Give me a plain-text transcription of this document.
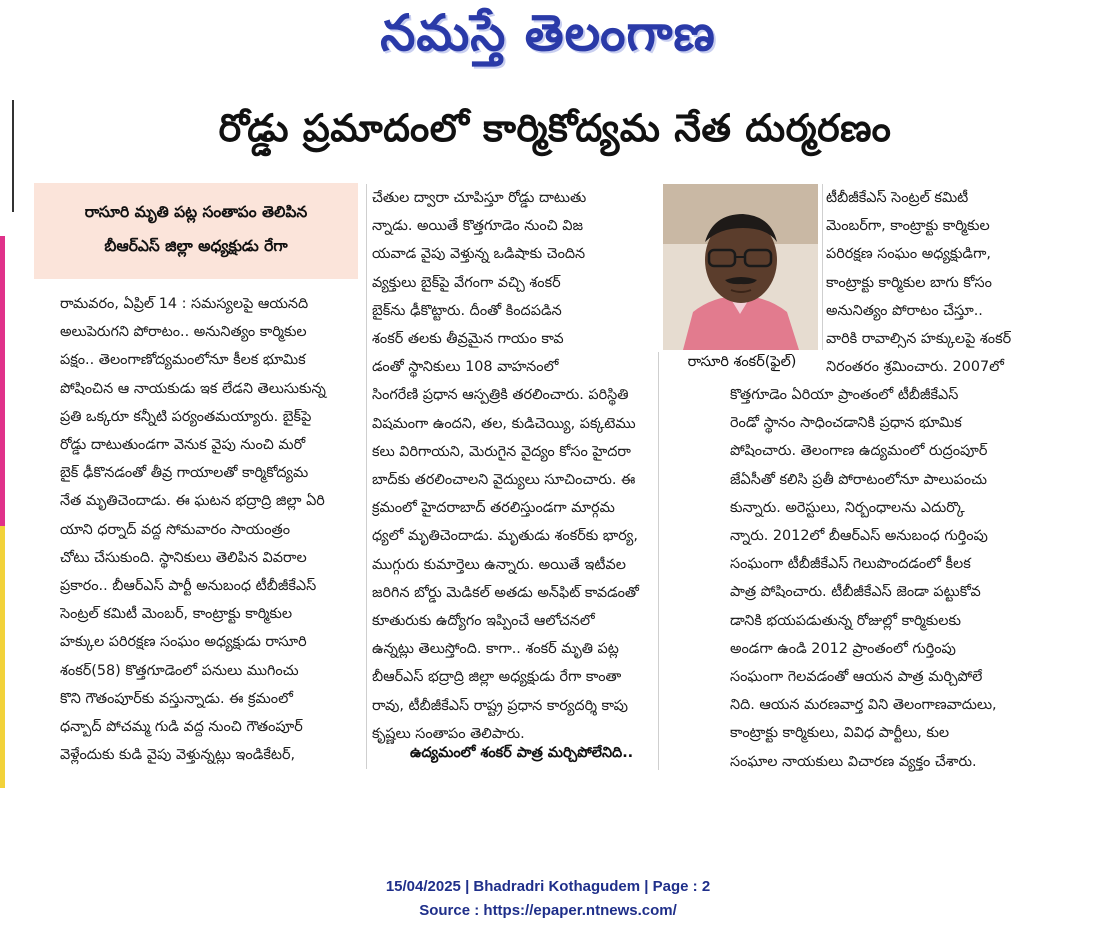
నమస్తే తెలంగాణ
రోడ్డు ప్రమాదంలో కార్మికోద్యమ నేత దుర్మరణం
రాసూరి మృతి పట్ల సంతాపం తెలిపిన
బీఆర్ఎస్ జిల్లా అధ్యక్షుడు రేగా

రామవరం, ఏప్రిల్ 14 : సమస్యలపై ఆయనది

అలుపెరుగని పోరాటం.. అనునిత్యం కార్మికుల

పక్షం.. తెలంగాణోద్యమంలోనూ కీలక భూమిక

పోషించిన ఆ నాయకుడు ఇక లేడని తెలుసుకున్న

ప్రతి ఒక్కరూ కన్నీటి పర్యంతమయ్యారు. బైక్‌పై

రోడ్డు దాటుతుండగా వెనుక వైపు నుంచి మరో

బైక్ ఢీకొనడంతో తీవ్ర గాయాలతో కార్మికోద్యమ

నేత మృతిచెందాడు. ఈ ఘటన భద్రాద్రి జిల్లా ఏరి

యాని ధర్నాద్ వద్ద సోమవారం సాయంత్రం

చోటు చేసుకుంది. స్థానికులు తెలిపిన వివరాల

ప్రకారం.. బీఆర్ఎస్ పార్టీ అనుబంధ టీబీజీకేఎస్

సెంట్రల్ కమిటీ మెంబర్, కాంట్రాక్టు కార్మికుల

హక్కుల పరిరక్షణ సంఘం అధ్యక్షుడు రాసూరి

శంకర్(58) కొత్తగూడెంలో పనులు ముగించు

కొని గౌతంపూర్‌కు వస్తున్నాడు. ఈ క్రమంలో

ధన్బాద్ పోచమ్మ గుడి వద్ద నుంచి గౌతంపూర్

వెళ్లేందుకు కుడి వైపు వెళ్తున్నట్లు ఇండికేటర్,

చేతుల ద్వారా చూపిస్తూ రోడ్డు దాటుతు

న్నాడు. అయితే కొత్తగూడెం నుంచి విజ

యవాడ వైపు వెళ్తున్న ఒడిషాకు చెందిన

వ్యక్తులు బైక్‌పై వేగంగా వచ్చి శంకర్

బైక్‌ను ఢీకొట్టారు. దీంతో కిందపడిన

శంకర్ తలకు తీవ్రమైన గాయం కావ

డంతో స్థానికులు 108 వాహనంలో

సింగరేణి ప్రధాన ఆస్పత్రికి తరలించారు. పరిస్థితి

విషమంగా ఉందని, తల, కుడిచెయ్యి, పక్కటెము

కలు విరిగాయని, మెరుగైన వైద్యం కోసం హైదరా

బాద్‌కు తరలించాలని వైద్యులు సూచించారు. ఈ

క్రమంలో హైదరాబాద్ తరలిస్తుండగా మార్గమ

ధ్యలో మృతిచెందాడు. మృతుడు శంకర్‌కు భార్య,

ముగ్గురు కుమార్తెలు ఉన్నారు. అయితే ఇటీవల

జరిగిన బోర్డు మెడికల్ అతడు అన్‌ఫిట్ కావడంతో

కూతురుకు ఉద్యోగం ఇప్పించే ఆలోచనలో

ఉన్నట్లు తెలుస్తోంది. కాగా.. శంకర్ మృతి పట్ల

బీఆర్ఎస్ భద్రాద్రి జిల్లా అధ్యక్షుడు రేగా కాంతా

రావు, టీబీజీకేఎస్ రాష్ట్ర ప్రధాన కార్యదర్శి కాపు

కృష్ణలు సంతాపం తెలిపారు.

ఉద్యమంలో శంకర్ పాత్ర మర్చిపోలేనిది..
రాసూరి శంకర్(ఫైల్)

టీబీజీకేఎస్ సెంట్రల్ కమిటీ

మెంబర్‌గా, కాంట్రాక్టు కార్మికుల

పరిరక్షణ సంఘం అధ్యక్షుడిగా,

కాంట్రాక్టు కార్మికుల బాగు కోసం

అనునిత్యం పోరాటం చేస్తూ..

వారికి రావాల్సిన హక్కులపై శంకర్

నిరంతరం శ్రమించారు. 2007లో

కొత్తగూడెం ఏరియా ప్రాంతంలో టీబీజీకేఎస్

రెండో స్థానం సాధించడానికి ప్రధాన భూమిక

పోషించారు. తెలంగాణ ఉద్యమంలో రుద్రంపూర్

జేఏసీతో కలిసి ప్రతీ పోరాటంలోనూ పాలుపంచు

కున్నారు. అరెస్టులు, నిర్బంధాలను ఎదుర్కొ

న్నారు. 2012లో బీఆర్ఎస్ అనుబంధ గుర్తింపు

సంఘంగా టీబీజీకేఎస్ గెలుపొందడంలో కీలక

పాత్ర పోషించారు. టీబీజీకేఎస్ జెండా పట్టుకోవ

డానికి భయపడుతున్న రోజుల్లో కార్మికులకు

అండగా ఉండి 2012 ప్రాంతంలో గుర్తింపు

సంఘంగా గెలవడంతో ఆయన పాత్ర మర్చిపోలే

నిది. ఆయన మరణవార్త విని తెలంగాణవాదులు,

కాంట్రాక్టు కార్మికులు, వివిధ పార్టీలు, కుల

సంఘాల నాయకులు విచారణ వ్యక్తం చేశారు.

15/04/2025 | Bhadradri Kothagudem | Page : 2
Source : https://epaper.ntnews.com/
